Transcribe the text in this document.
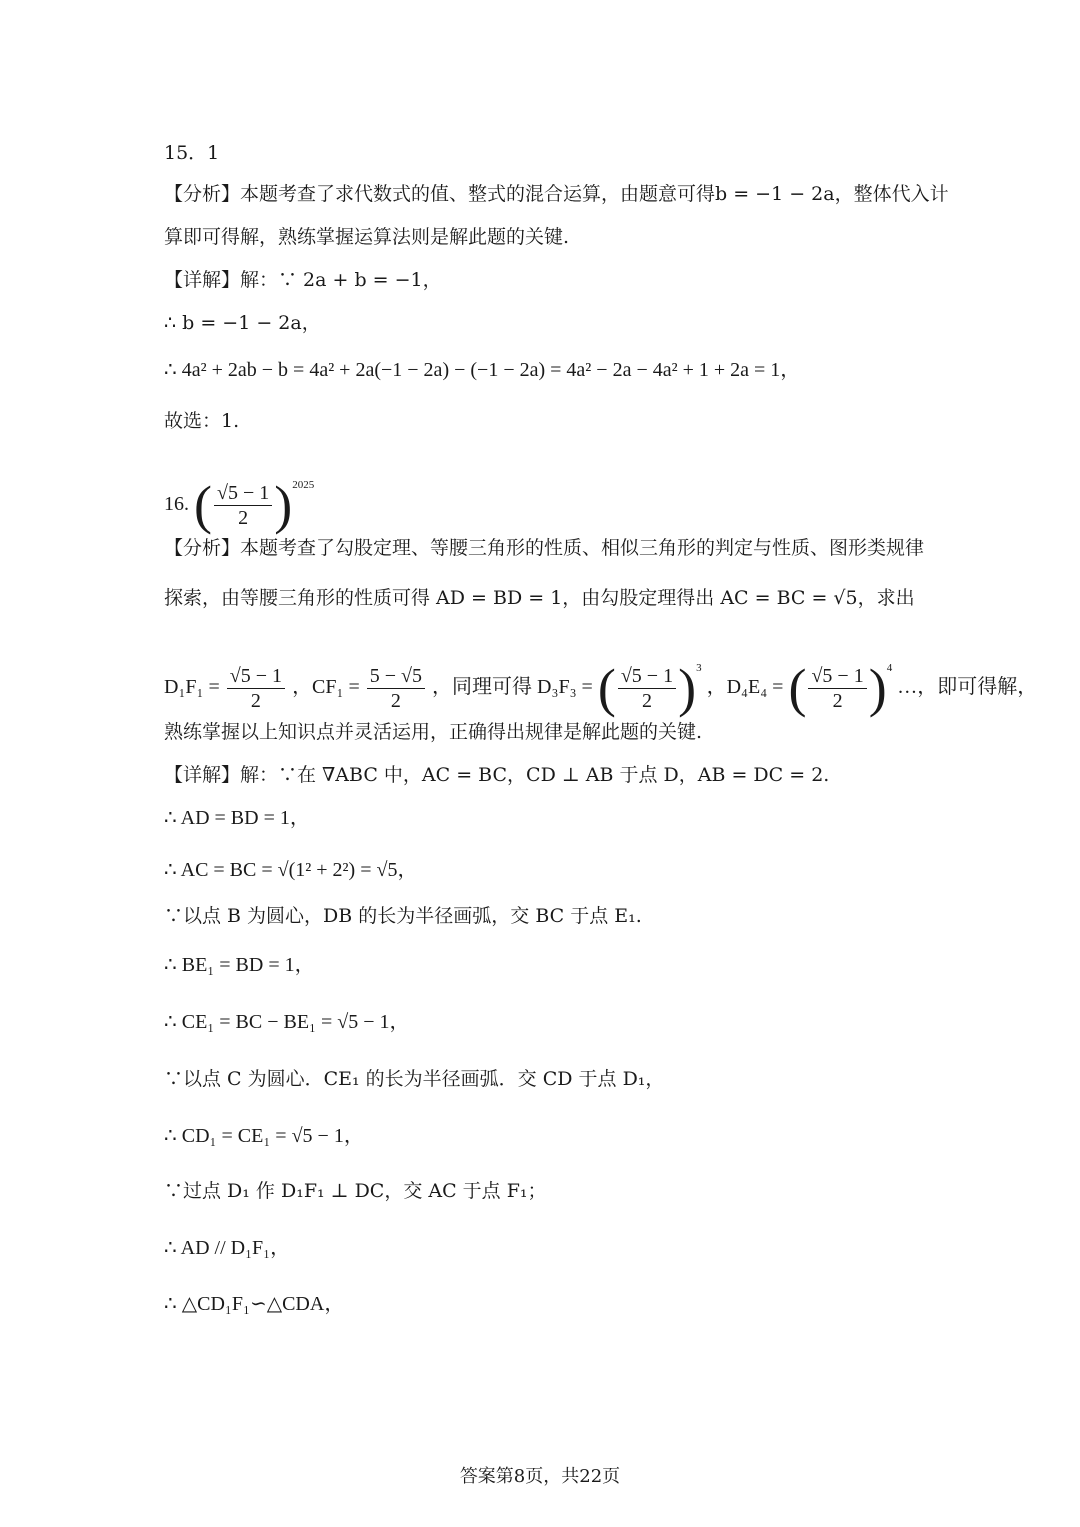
15．1
【分析】本题考查了求代数式的值、整式的混合运算，由题意可得b = −1 − 2a，整体代入计
算即可得解，熟练掌握运算法则是解此题的关键.
【详解】解：∵ 2a + b = −1，
∴ b = −1 − 2a，
∴ 4a² + 2ab − b = 4a² + 2a(−1 − 2a) − (−1 − 2a) = 4a² − 2a − 4a² + 1 + 2a = 1，
故选：1.
16. ( $\frac{√5 - 1}{2} )^{2025}$
【分析】本题考查了勾股定理、等腰三角形的性质、相似三角形的判定与性质、图形类规律
探索，由等腰三角形的性质可得 AD = BD = 1，由勾股定理得出 AC = BC = √5，求出
$D_1F_1 = \frac{√5 - 1}{2}$ ，$CF_1 = \frac{5 - √5}{2}$ ，同理可得 D₃F₃ = ( $\frac{√5 - 1}{2} )^3$ ，D₄E₄ = ( $\frac{√5 - 1}{2} )^4$ …，即可得解，
熟练掌握以上知识点并灵活运用，正确得出规律是解此题的关键.
【详解】解：∵在 ∇ABC 中，AC = BC，CD ⊥ AB 于点 D，AB = DC = 2.
∴ AD = BD = 1，
∴ AC = BC = √(1² + 2²) = √5，
∵以点 B 为圆心，DB 的长为半径画弧，交 BC 于点 E₁.
∴ BE₁ = BD = 1，
∴ CE₁ = BC − BE₁ = √5 − 1，
∵以点 C 为圆心．CE₁ 的长为半径画弧．交 CD 于点 D₁，
∴ CD₁ = CE₁ = √5 − 1，
∵过点 D₁ 作 D₁F₁ ⊥ DC，交 AC 于点 F₁；
∴ AD // D₁F₁，
∴ △CD₁F₁∽△CDA，
答案第8页，共22页
